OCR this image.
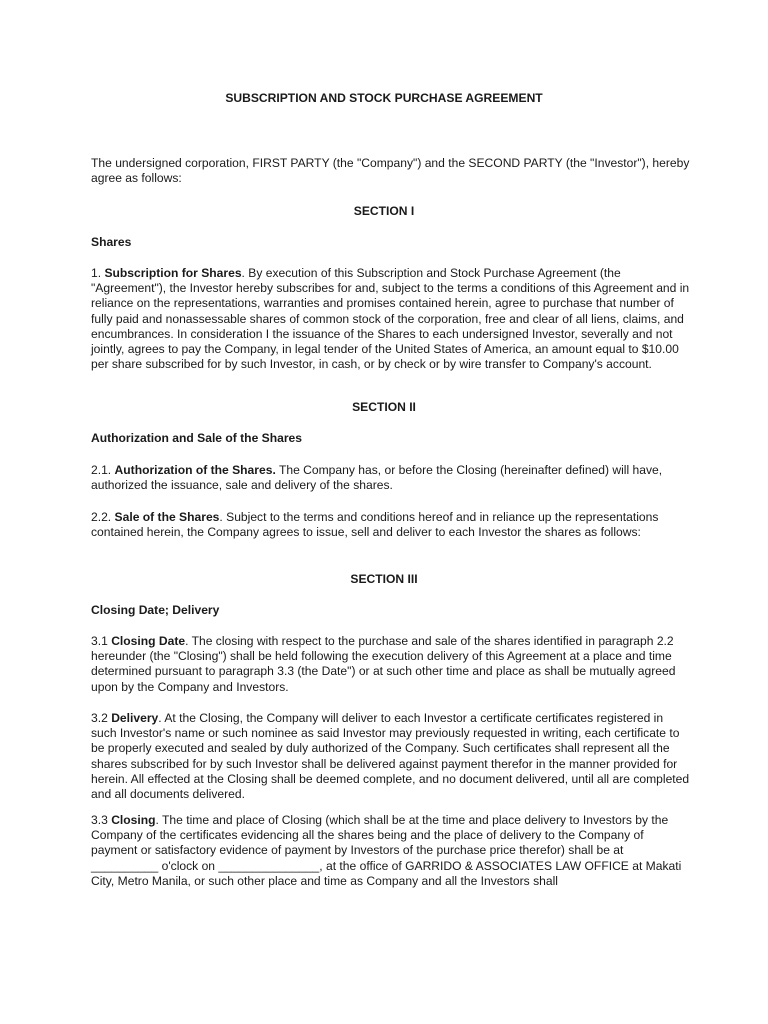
SUBSCRIPTION AND STOCK PURCHASE AGREEMENT

The undersigned corporation, FIRST PARTY (the "Company") and the SECOND PARTY (the "Investor"), hereby agree as follows:

SECTION I

Shares

1. Subscription for Shares. By execution of this Subscription and Stock Purchase Agreement (the "Agreement"), the Investor hereby subscribes for and, subject to the terms a conditions of this Agreement and in reliance on the representations, warranties and promises contained herein, agree to purchase that number of fully paid and nonassessable shares of common stock of the corporation, free and clear of all liens, claims, and encumbrances. In consideration I the issuance of the Shares to each undersigned Investor, severally and not jointly, agrees to pay the Company, in legal tender of the United States of America, an amount equal to $10.00 per share subscribed for by such Investor, in cash, or by check or by wire transfer to Company's account.

SECTION II

Authorization and Sale of the Shares

2.1. Authorization of the Shares. The Company has, or before the Closing (hereinafter defined) will have, authorized the issuance, sale and delivery of the shares.

2.2. Sale of the Shares. Subject to the terms and conditions hereof and in reliance up the representations contained herein, the Company agrees to issue, sell and deliver to each Investor the shares as follows:

SECTION III

Closing Date; Delivery

3.1 Closing Date. The closing with respect to the purchase and sale of the shares identified in paragraph 2.2 hereunder (the "Closing") shall be held following the execution delivery of this Agreement at a place and time determined pursuant to paragraph 3.3 (the Date") or at such other time and place as shall be mutually agreed upon by the Company and Investors.

3.2 Delivery. At the Closing, the Company will deliver to each Investor a certificate certificates registered in such Investor's name or such nominee as said Investor may previously requested in writing, each certificate to be properly executed and sealed by duly authorized of the Company. Such certificates shall represent all the shares subscribed for by such Investor shall be delivered against payment therefor in the manner provided for herein. All effected at the Closing shall be deemed complete, and no document delivered, until all are completed and all documents delivered.

3.3 Closing. The time and place of Closing (which shall be at the time and place delivery to Investors by the Company of the certificates evidencing all the shares being and the place of delivery to the Company of payment or satisfactory evidence of payment by Investors of the purchase price therefor) shall be at __________ o'clock on _______________, at the office of GARRIDO & ASSOCIATES LAW OFFICE at Makati City, Metro Manila, or such other place and time as Company and all the Investors shall
